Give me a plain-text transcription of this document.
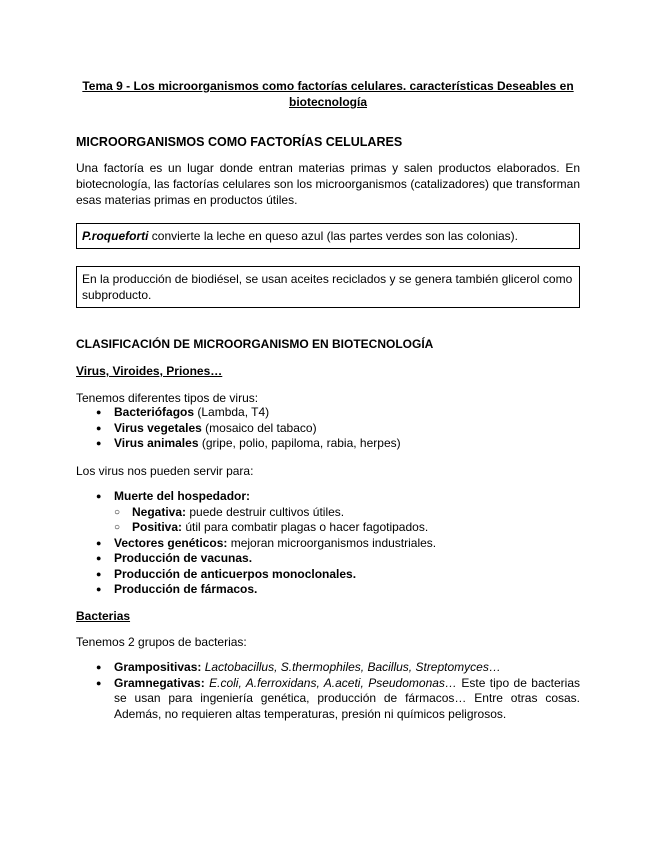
Tema 9 - Los microorganismos como factorías celulares. características Deseables en
biotecnología
MICROORGANISMOS COMO FACTORÍAS CELULARES
Una factoría es un lugar donde entran materias primas y salen productos elaborados. En biotecnología, las factorías celulares son los microorganismos (catalizadores) que transforman esas materias primas en productos útiles.
P.roqueforti convierte la leche en queso azul (las partes verdes son las colonias).
En la producción de biodiésel, se usan aceites reciclados y se genera también glicerol como subproducto.
CLASIFICACIÓN DE MICROORGANISMO EN BIOTECNOLOGÍA
Virus, Viroides, Priones…
Tenemos diferentes tipos de virus:
● Bacteriófagos (Lambda, T4)
● Virus vegetales (mosaico del tabaco)
● Virus animales (gripe, polio, papiloma, rabia, herpes)
Los virus nos pueden servir para:
● Muerte del hospedador:
○ Negativa: puede destruir cultivos útiles.
○ Positiva: útil para combatir plagas o hacer fagotipados.
● Vectores genéticos: mejoran microorganismos industriales.
● Producción de vacunas.
● Producción de anticuerpos monoclonales.
● Producción de fármacos.
Bacterias
Tenemos 2 grupos de bacterias:
● Grampositivas: Lactobacillus, S.thermophiles, Bacillus, Streptomyces…
● Gramnegativas: E.coli, A.ferroxidans, A.aceti, Pseudomonas… Este tipo de bacterias se usan para ingeniería genética, producción de fármacos… Entre otras cosas. Además, no requieren altas temperaturas, presión ni químicos peligrosos.
